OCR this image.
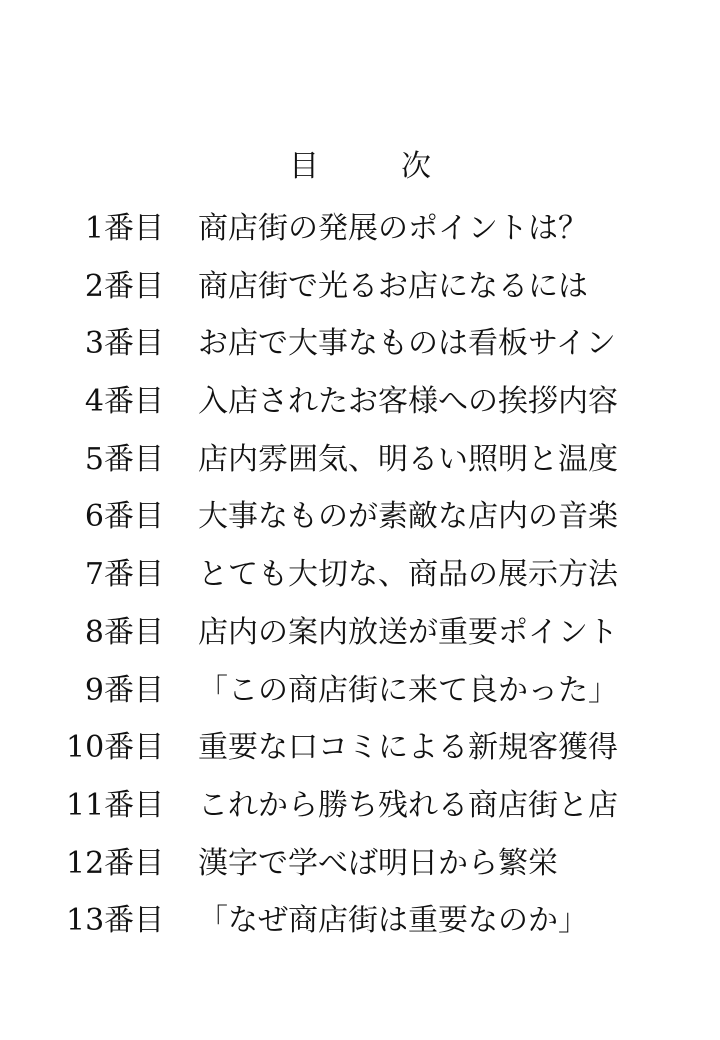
目　次
1番目 商店街の発展のポイントは？
2番目 商店街で光るお店になるには
3番目 お店で大事なものは看板サイン
4番目 入店されたお客様への挨拶内容
5番目 店内雰囲気、明るい照明と温度
6番目 大事なものが素敵な店内の音楽
7番目 とても大切な、商品の展示方法
8番目 店内の案内放送が重要ポイント
9番目 「この商店街に来て良かった」
10番目 重要な口コミによる新規客獲得
11番目 これから勝ち残れる商店街と店
12番目 漢字で学べば明日から繁栄
13番目 「なぜ商店街は重要なのか」
